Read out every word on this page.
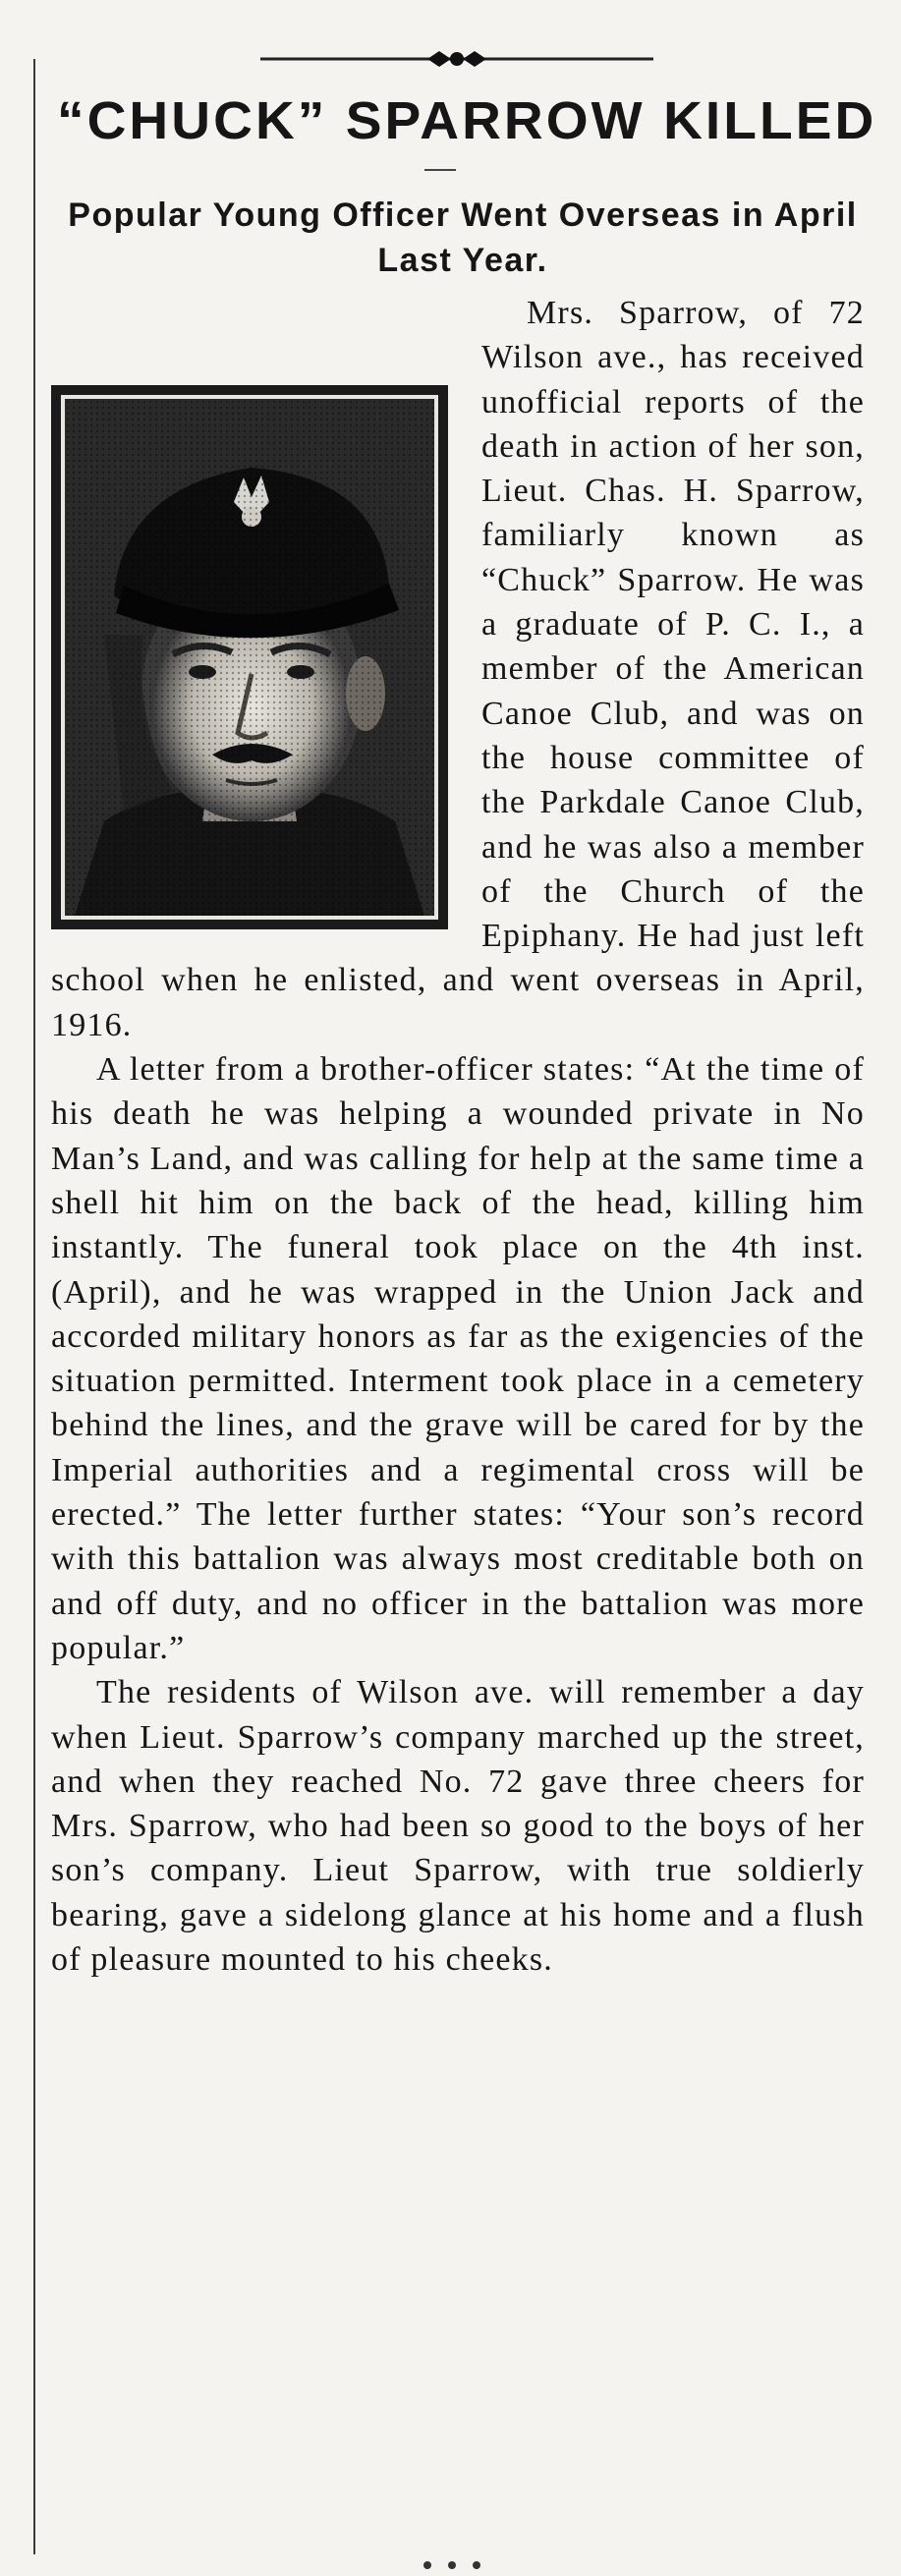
“CHUCK” SPARROW KILLED
Popular Young Officer Went Overseas in April Last Year.

Mrs. Sparrow, of 72 Wilson ave., has received unofficial reports of the death in action of her son, Lieut. Chas. H. Sparrow, familiarly known as “Chuck” Sparrow. He was a graduate of P. C. I., a member of the American Canoe Club, and was on the house committee of the Parkdale Canoe Club, and he was also a member of the Church of the Epiphany. He had just left school when he enlisted, and went overseas in April, 1916.

A letter from a brother-officer states: “At the time of his death he was helping a wounded private in No Man’s Land, and was calling for help at the same time a shell hit him on the back of the head, killing him instantly. The funeral took place on the 4th inst. (April), and he was wrapped in the Union Jack and accorded military honors as far as the exigencies of the situation permitted. Interment took place in a cemetery behind the lines, and the grave will be cared for by the Imperial authorities and a regimental cross will be erected.” The letter further states: “Your son’s record with this battalion was always most creditable both on and off duty, and no officer in the battalion was more popular.”

The residents of Wilson ave. will remember a day when Lieut. Sparrow’s company marched up the street, and when they reached No. 72 gave three cheers for Mrs. Sparrow, who had been so good to the boys of her son’s company. Lieut Sparrow, with true soldierly bearing, gave a sidelong glance at his home and a flush of pleasure mounted to his cheeks.
